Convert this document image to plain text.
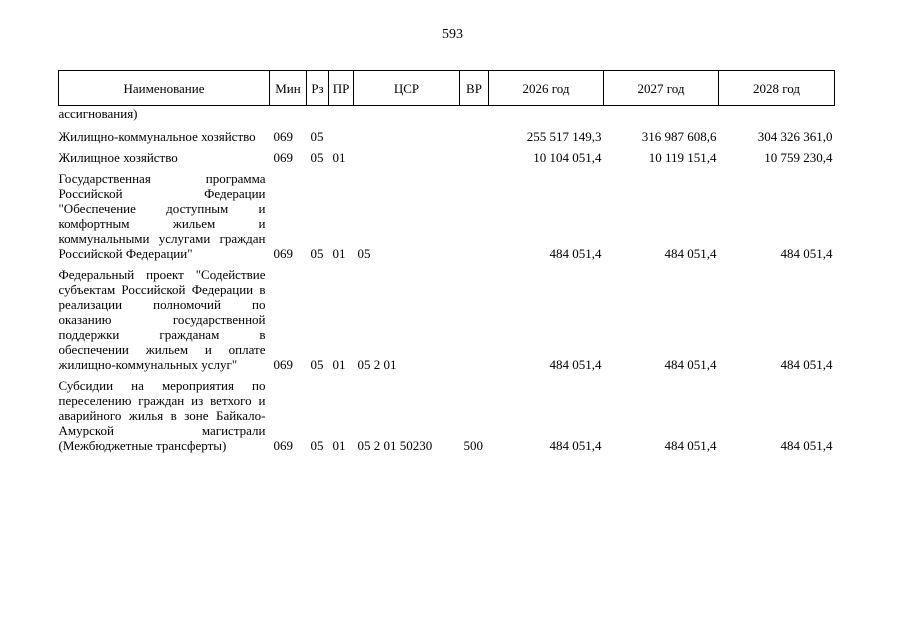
593
Наименование	Мин	Рз	ПР	ЦСР	ВР	2026 год	2027 год	2028 год
ассигнования)								
Жилищно-коммунальное хозяйство	069	05				255 517 149,3	316 987 608,6	304 326 361,0
Жилищное хозяйство	069	05	01			10 104 051,4	10 119 151,4	10 759 230,4
Государственная программа Российской Федерации "Обеспечение доступным и комфортным жильем и коммунальными услугами граждан Российской Федерации"	069	05	01	05		484 051,4	484 051,4	484 051,4
Федеральный проект "Содействие субъектам Российской Федерации в реализации полномочий по оказанию государственной поддержки гражданам в обеспечении жильем и оплате жилищно-коммунальных услуг"	069	05	01	05 2 01		484 051,4	484 051,4	484 051,4
Субсидии на мероприятия по переселению граждан из ветхого и аварийного жилья в зоне Байкало-Амурской магистрали (Межбюджетные трансферты)	069	05	01	05 2 01 50230	500	484 051,4	484 051,4	484 051,4
